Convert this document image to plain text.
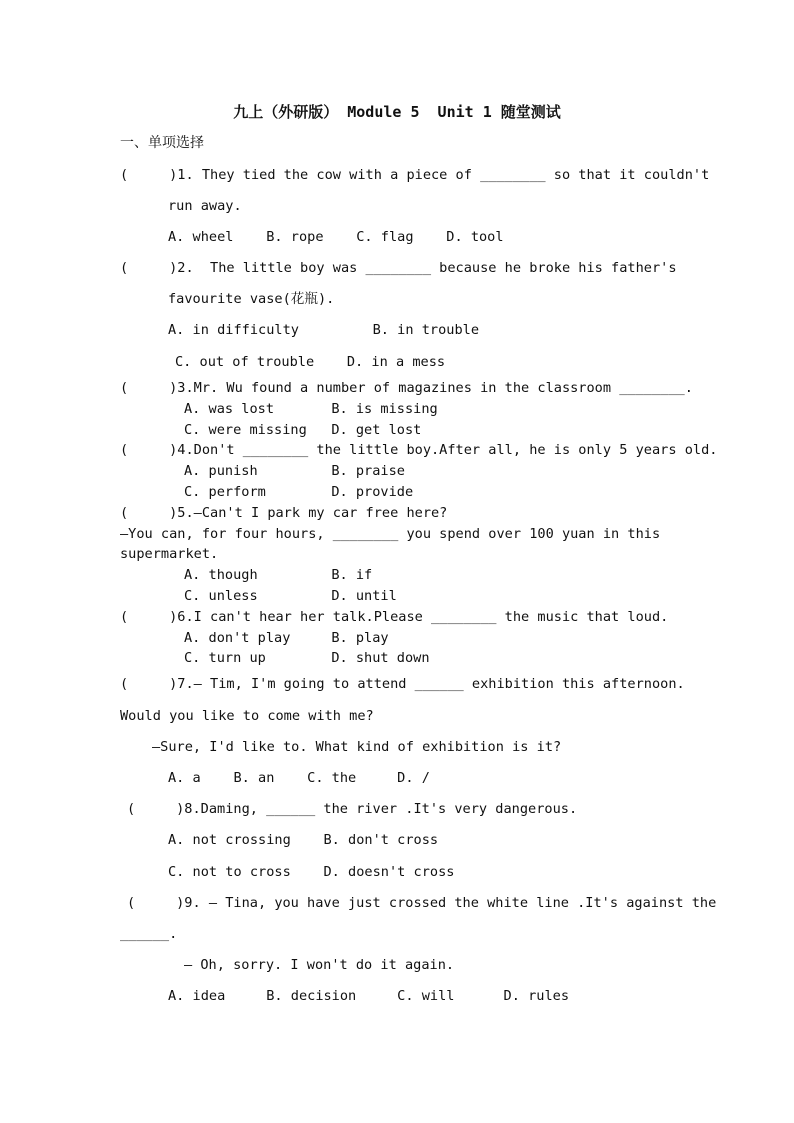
九上（外研版） Module 5  Unit 1 随堂测试
一、单项选择
(     )1. They tied the cow with a piece of ________ so that it couldn't
run away.
A. wheel    B. rope    C. flag    D. tool
(     )2.  The little boy was ________ because he broke his father's
favourite vase(花瓶).
A. in difficulty         B. in trouble
C. out of trouble    D. in a mess
(     )3.Mr. Wu found a number of magazines in the classroom ________.
A. was lost       B. is missing
C. were missing   D. get lost
(     )4.Don't ________ the little boy.After all, he is only 5 years old.
A. punish         B. praise
C. perform        D. provide
(     )5.—Can't I park my car free here?
—You can, for four hours, ________ you spend over 100 yuan in this
supermarket.
A. though         B. if
C. unless         D. until
(     )6.I can't hear her talk.Please ________ the music that loud.
A. don't play     B. play
C. turn up        D. shut down
(     )7.— Tim, I'm going to attend ______ exhibition this afternoon.
Would you like to come with me?
—Sure, I'd like to. What kind of exhibition is it?
A. a    B. an    C. the     D. /
(     )8.Daming, ______ the river .It's very dangerous.
A. not crossing    B. don't cross
C. not to cross    D. doesn't cross
(     )9. — Tina, you have just crossed the white line .It's against the
______.
— Oh, sorry. I won't do it again.
A. idea     B. decision     C. will      D. rules
